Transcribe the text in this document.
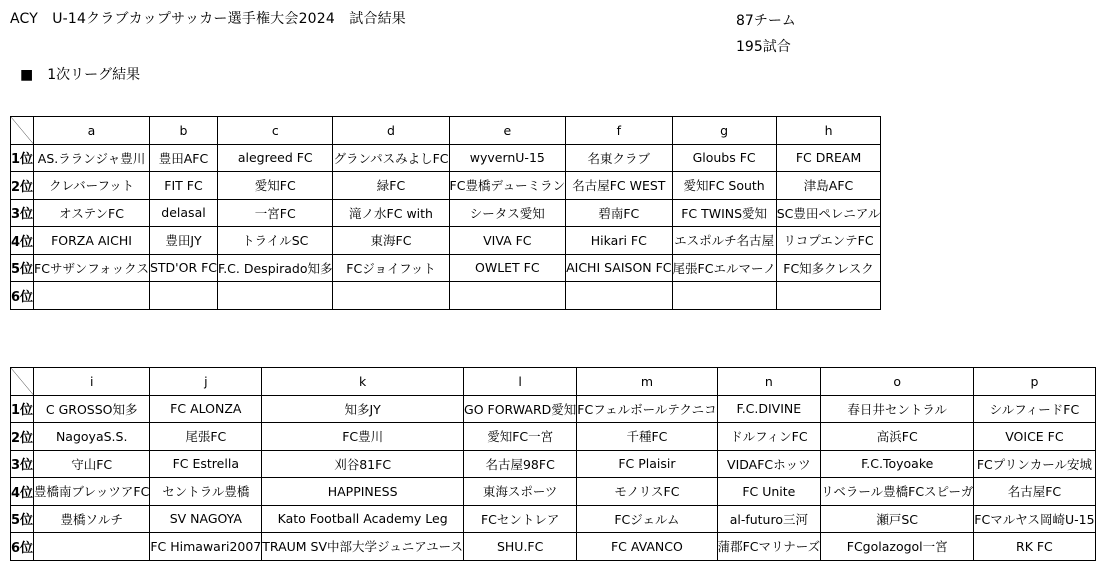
ACY　U-14クラブカップサッカー選手権大会2024　試合結果	87チーム
195試合
■　1次リーグ結果
	a	b	c	d	e	f	g	h
1位	AS.ラランジャ豊川	豊田AFC	alegreed FC	グランパスみよしFC	wyvernU-15	名東クラブ	Gloubs FC	FC DREAM
2位	クレバーフット	FIT FC	愛知FC	緑FC	FC豊橋デューミラン	名古屋FC WEST	愛知FC South	津島AFC
3位	オステンFC	delasal	一宮FC	滝ノ水FC with	シータス愛知	碧南FC	FC TWINS愛知	SC豊田ペレニアル
4位	FORZA AICHI	豊田JY	トライルSC	東海FC	VIVA FC	Hikari FC	エスポルチ名古屋	リコプエンテFC
5位	FCサザンフォックス	STD'OR FC	F.C. Despirado知多	FCジョイフット	OWLET FC	AICHI SAISON FC	尾張FCエルマーノ	FC知多クレスク
6位								
	i	j	k	l	m	n	o	p
1位	C GROSSO知多	FC ALONZA	知多JY	GO FORWARD愛知	FCフェルボールテクニコ	F.C.DIVINE	春日井セントラル	シルフィードFC
2位	NagoyaS.S.	尾張FC	FC豊川	愛知FC一宮	千種FC	ドルフィンFC	高浜FC	VOICE FC
3位	守山FC	FC Estrella	刈谷81FC	名古屋98FC	FC Plaisir	VIDAFCホッツ	F.C.Toyoake	FCプリンカール安城
4位	豊橋南ブレッツアFC	セントラル豊橋	HAPPINESS	東海スポーツ	モノリスFC	FC Unite	リベラール豊橋FCスピーガ	名古屋FC
5位	豊橋ソルチ	SV NAGOYA	Kato Football Academy Leg	FCセントレア	FCジェルム	al-futuro三河	瀬戸SC	FCマルヤス岡崎U-15
6位		FC Himawari2007	TRAUM SV中部大学ジュニアユース	SHU.FC	FC AVANCO	蒲郡FCマリナーズ	FCgolazogol一宮	RK FC
